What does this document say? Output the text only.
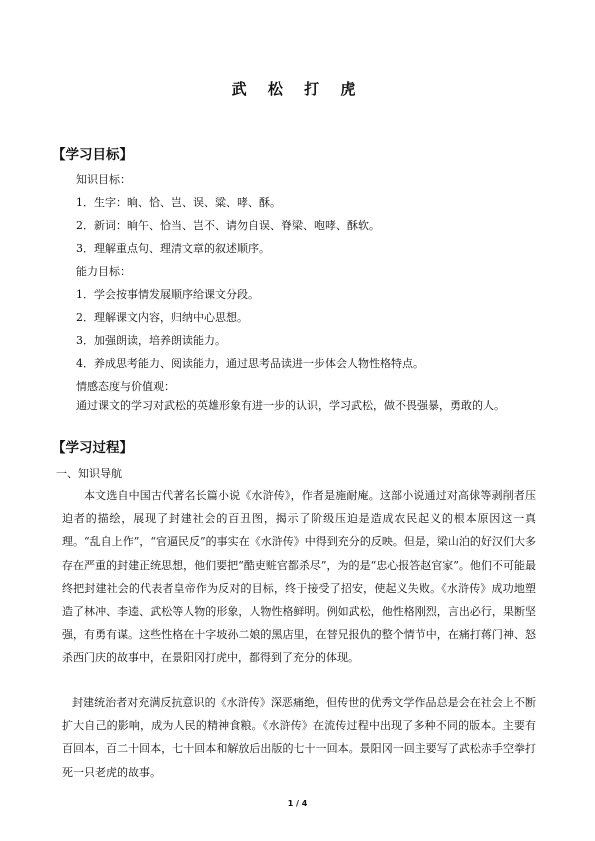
武 松 打 虎
【学习目标】
知识目标：
1．生字：晌、恰、岂、误、粱、哮、酥。
2．新词：晌午、恰当、岂不、请勿自误、脊梁、咆哮、酥软。
3．理解重点句、理清文章的叙述顺序。
能力目标：
1．学会按事情发展顺序给课文分段。
2．理解课文内容，归纳中心思想。
3．加强朗读，培养朗读能力。
4．养成思考能力、阅读能力，通过思考品读进一步体会人物性格特点。
情感态度与价值观：
通过课文的学习对武松的英雄形象有进一步的认识，学习武松，做不畏强暴，勇敢的人。
【学习过程】
一、知识导航
本文选自中国古代著名长篇小说《水浒传》，作者是施耐庵。这部小说通过对高俅等剥削者压迫者的描绘，展现了封建社会的百丑图，揭示了阶级压迫是造成农民起义的根本原因这一真理。“乱自上作”，“官逼民反”的事实在《水浒传》中得到充分的反映。但是，梁山泊的好汉们大多存在严重的封建正统思想，他们要把“酷吏赃官都杀尽”，为的是“忠心报答赵官家”。他们不可能最终把封建社会的代表者皇帝作为反对的目标，终于接受了招安，使起义失败。《水浒传》成功地塑造了林冲、李逵、武松等人物的形象，人物性格鲜明。例如武松，他性格刚烈，言出必行，果断坚强，有勇有谋。这些性格在十字坡孙二娘的黑店里，在替兄报仇的整个情节中，在痛打蒋门神、怒杀西门庆的故事中，在景阳冈打虎中，都得到了充分的体现。
封建统治者对充满反抗意识的《水浒传》深恶痛绝，但传世的优秀文学作品总是会在社会上不断扩大自己的影响，成为人民的精神食粮。《水浒传》在流传过程中出现了多种不同的版本。主要有百回本，百二十回本，七十回本和解放后出版的七十一回本。景阳冈一回主要写了武松赤手空拳打死一只老虎的故事。
1 / 4
